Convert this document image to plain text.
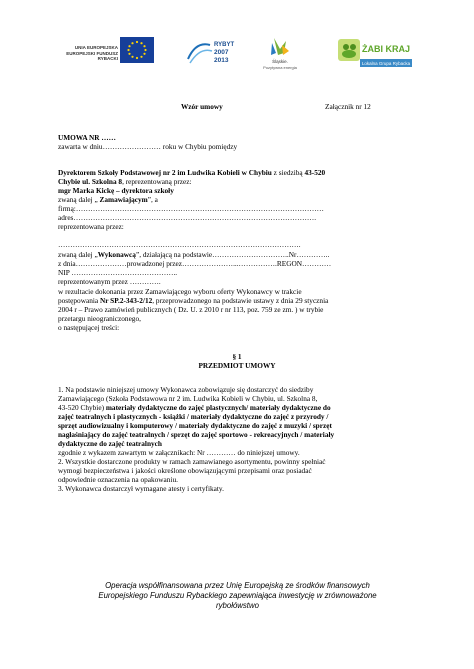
UNIA EUROPEJSKA
EUROPEJSKI FUNDUSZ
RYBACKI
RYBYT
2007
2013	Śląskie.
Pozytywna energia
ŻABI KRAJ
Lokalna Grupa Rybacka
Wzór umowy	Załącznik nr 12
UMOWA NR ……
zawarta w dniu…………………… roku w Chybiu pomiędzy
Dyrektorem Szkoły Podstawowej nr 2 im Ludwika Kobieli w Chybiu z siedzibą 43-520
Chybie ul. Szkolna 8, reprezentowaną przez:
mgr Marka Kickę – dyrektora szkoły
zwaną dalej „ Zamawiającym”, a
firmą:…………………………………………………………………………………………
adres……………………………………………………………………………………….
reprezentowana przez:
……………………………………………………………………………………….
zwaną dalej „Wykonawcą”, działającą na podstawie…………………………..Nr…………..
z dnia…………………prowadzonej przez…………………...…………….REGON…………
NIP ……………………………………..
reprezentowanym przez ………….
w rezultacie dokonania przez Zamawiającego wyboru oferty Wykonawcy w trakcie
postępowania Nr SP.2-343-2/12, przeprowadzonego na podstawie ustawy z dnia 29 stycznia
2004 r – Prawo zamówień publicznych ( Dz. U. z 2010 r nr 113, poz. 759 ze zm. ) w trybie
przetargu nieograniczonego,
o następującej treści:
§ 1
PRZEDMIOT UMOWY
1. Na podstawie niniejszej umowy Wykonawca zobowiązuje się dostarczyć do siedziby
Zamawiającego (Szkoła Podstawowa nr 2 im. Ludwika Kobieli w Chybiu, ul. Szkolna 8,
43-520 Chybie) materiały dydaktyczne do zajęć plastycznych/ materiały dydaktyczne do
zajęć teatralnych i plastycznych - książki / materiały dydaktyczne do zajęć z przyrody /
sprzęt audiowizualny i komputerowy / materiały dydaktyczne do zajęć z muzyki / sprzęt
nagłaśniający do zajęć teatralnych / sprzęt do zajęć sportowo - rekreacyjnych / materiały
dydaktyczne do zajęć teatralnych
zgodnie z wykazem zawartym w załącznikach: Nr ………… do niniejszej umowy.
2. Wszystkie dostarczone produkty w ramach zamawianego asortymentu, powinny spełniać
wymogi bezpieczeństwa i jakości określone obowiązującymi przepisami oraz posiadać
odpowiednie oznaczenia na opakowaniu.
3. Wykonawca dostarczył wymagane atesty i certyfikaty.
Operacja współfinansowana przez Unię Europejską ze środków finansowych
Europejskiego Funduszu Rybackiego zapewniająca inwestycję w zrównoważone
rybołówstwo
